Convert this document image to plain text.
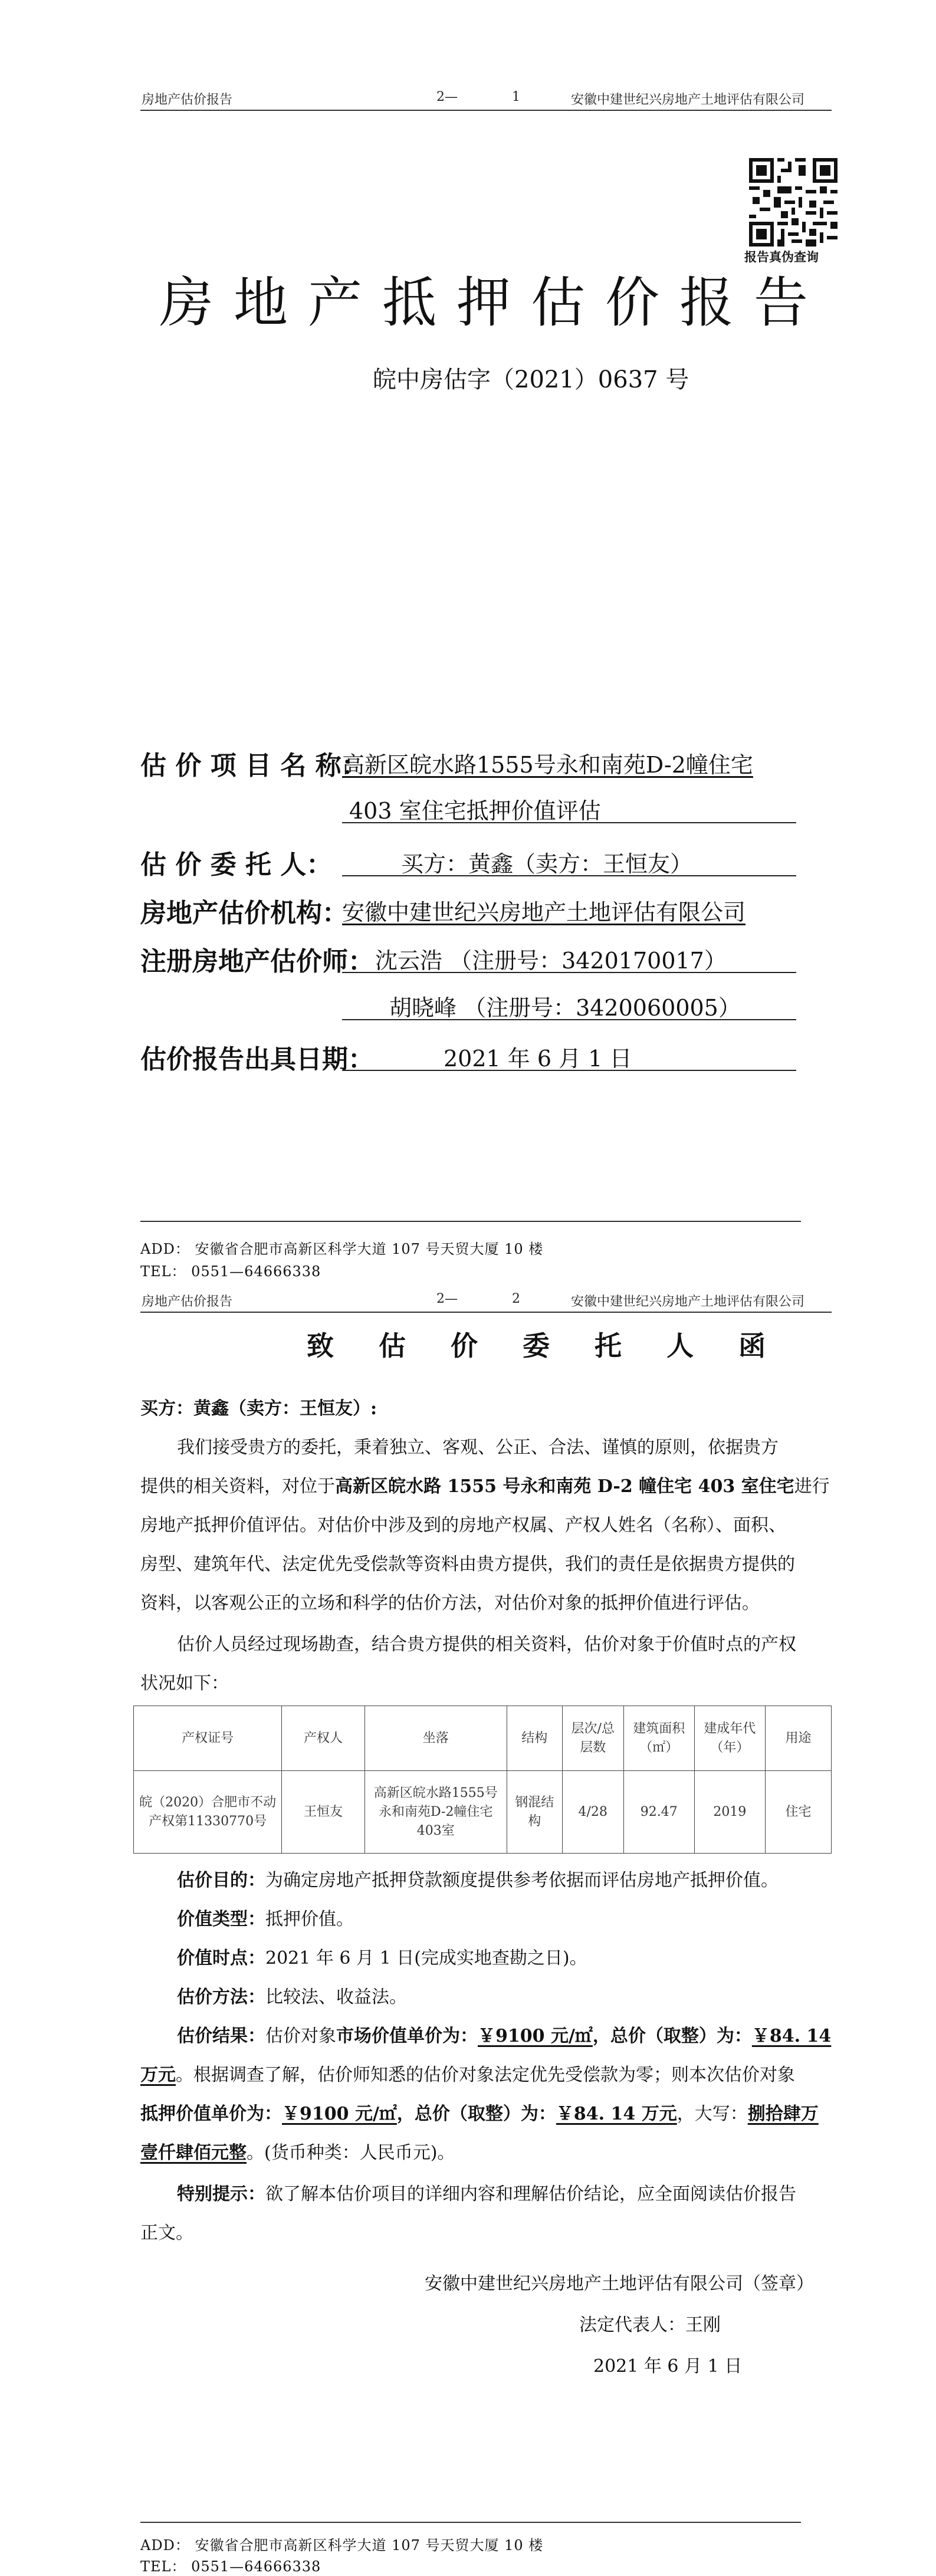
房地产估价报告	2—	1	安徽中建世纪兴房地产土地评估有限公司
报告真伪查询
房地产抵押估价报告
皖中房估字（2021）0637 号
估 价 项 目 名 称：
高新区皖水路1555号永和南苑D-2幢住宅
403 室住宅抵押价值评估
估 价 委 托 人：	买方：黄鑫（卖方：王恒友）
房地产估价机构：
安徽中建世纪兴房地产土地评估有限公司
注册房地产估价师： 沈云浩 （注册号：3420170017）
胡晓峰 （注册号：3420060005）
估价报告出具日期：	2021 年 6 月 1 日
ADD： 安徽省合肥市高新区科学大道 107 号天贸大厦 10 楼
TEL： 0551—64666338
房地产估价报告	2—	2	安徽中建世纪兴房地产土地评估有限公司
致 估 价 委 托 人 函
买方：黄鑫（卖方：王恒友）:
我们接受贵方的委托，秉着独立、客观、公正、合法、谨慎的原则，依据贵方
提供的相关资料，对位于高新区皖水路 1555 号永和南苑 D-2 幢住宅 403 室住宅进行
房地产抵押价值评估。对估价中涉及到的房地产权属、产权人姓名（名称）、面积、
房型、建筑年代、法定优先受偿款等资料由贵方提供，我们的责任是依据贵方提供的
资料，以客观公正的立场和科学的估价方法，对估价对象的抵押价值进行评估。
估价人员经过现场勘查，结合贵方提供的相关资料，估价对象于价值时点的产权
状况如下：
产权证号	产权人	坐落	结构	层次/总层数	建筑面积（㎡）	建成年代（年）	用途
皖（2020）合肥市不动产权第11330770号	王恒友	高新区皖水路1555号永和南苑D-2幢住宅403室	钢混结构	4/28	92.47	2019	住宅
估价目的：为确定房地产抵押贷款额度提供参考依据而评估房地产抵押价值。
价值类型：抵押价值。
价值时点：2021 年 6 月 1 日(完成实地查勘之日)。
估价方法：比较法、收益法。
估价结果：估价对象市场价值单价为：￥9100 元/㎡，总价（取整）为：￥84. 14
万元。根据调查了解，估价师知悉的估价对象法定优先受偿款为零；则本次估价对象
抵押价值单价为：￥9100 元/㎡，总价（取整）为：￥84. 14 万元，大写：捌拾肆万
壹仟肆佰元整。(货币种类：人民币元)。
特别提示：欲了解本估价项目的详细内容和理解估价结论，应全面阅读估价报告
正文。
安徽中建世纪兴房地产土地评估有限公司（签章）
法定代表人：王刚
2021 年 6 月 1 日
ADD： 安徽省合肥市高新区科学大道 107 号天贸大厦 10 楼
TEL： 0551—64666338
